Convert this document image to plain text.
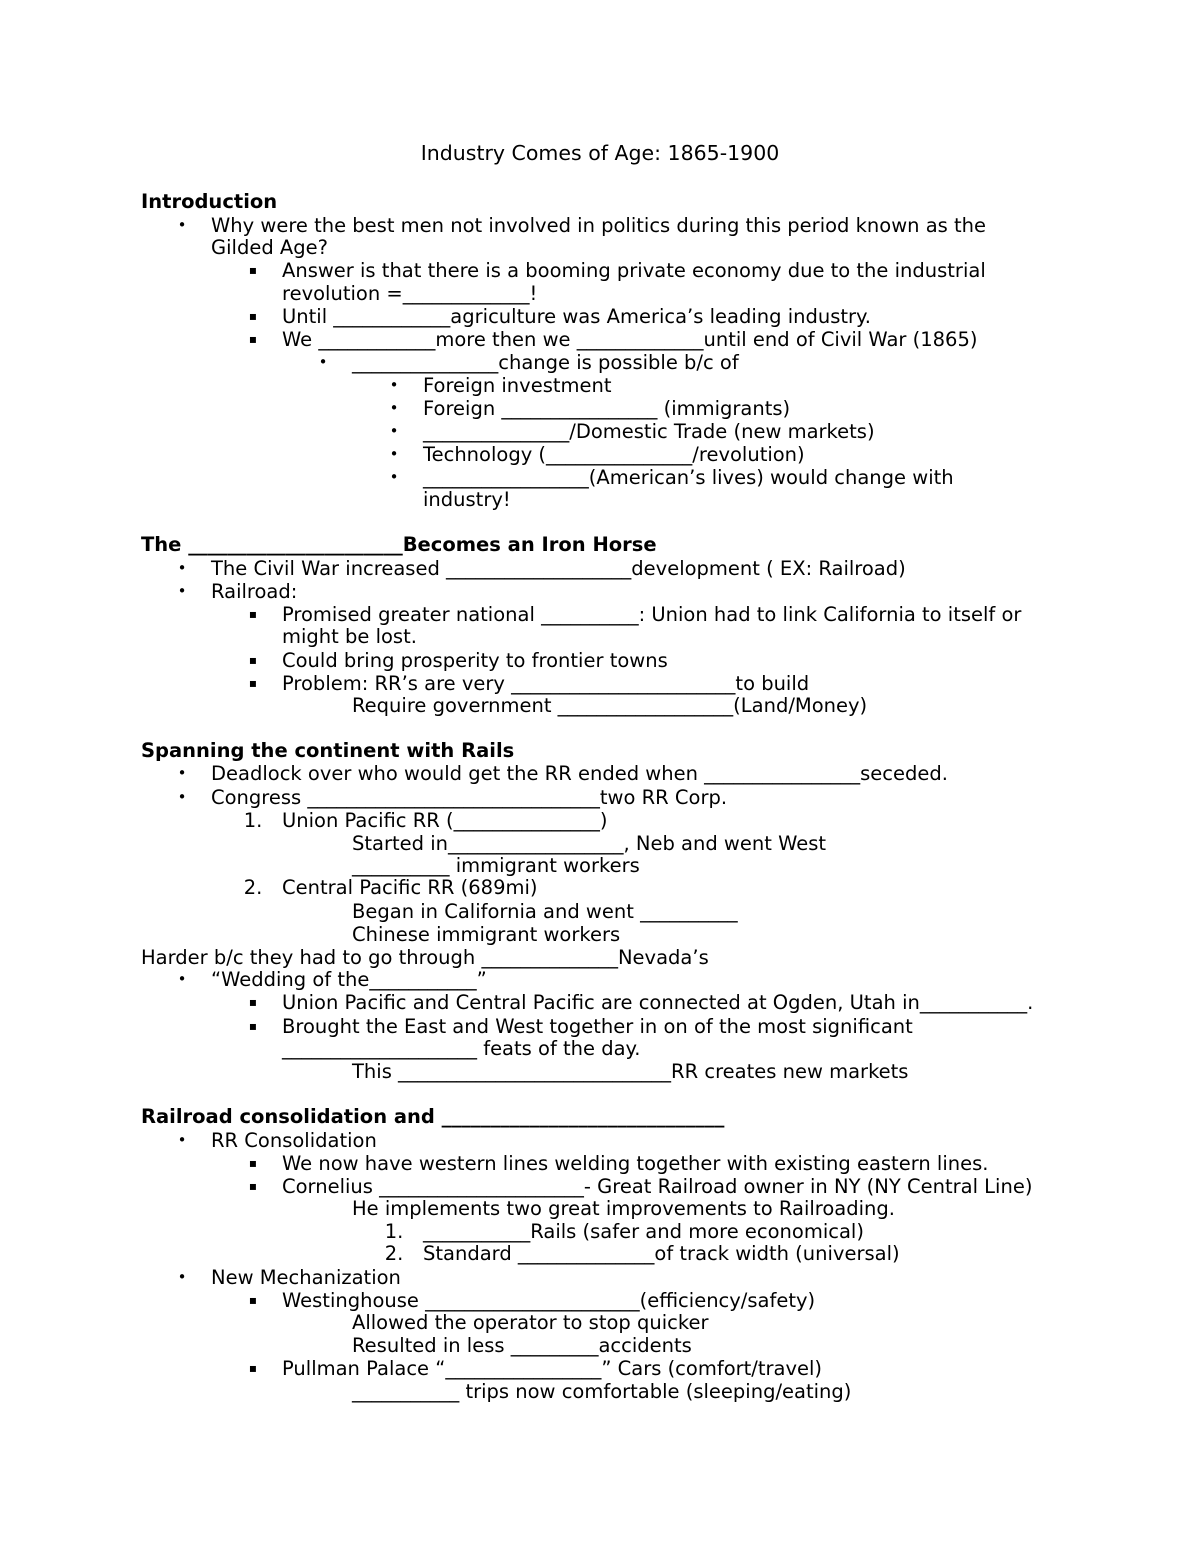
Industry Comes of Age: 1865-1900
Introduction
•	Why were the best men not involved in politics during this period known as the
Gilded Age?
▪	Answer is that there is a booming private economy due to the industrial
revolution =_____________!
▪	Until ____________agriculture was America’s leading industry.
▪	We ____________more then we _____________until end of Civil War (1865)
•	_______________change is possible b/c of
•	Foreign investment
•	Foreign ________________ (immigrants)
•	_______________/Domestic Trade (new markets)
•	Technology (_______________/revolution)
•	_________________(American’s lives) would change with
industry!
The ______________________Becomes an Iron Horse
•	The Civil War increased ___________________development ( EX: Railroad)
•	Railroad:
▪	Promised greater national __________: Union had to link California to itself or
might be lost.
▪	Could bring prosperity to frontier towns
▪	Problem: RR’s are very _______________________to build
Require government __________________(Land/Money)
Spanning the continent with Rails
•	Deadlock over who would get the RR ended when ________________seceded.
•	Congress ______________________________two RR Corp.
1. Union Pacific RR (_______________)
Started in__________________, Neb and went West
__________ immigrant workers
2. Central Pacific RR (689mi)
Began in California and went __________
Chinese immigrant workers
Harder b/c they had to go through ______________Nevada’s
•	“Wedding of the___________”
▪	Union Pacific and Central Pacific are connected at Ogden, Utah in___________.
▪	Brought the East and West together in on of the most significant
____________________ feats of the day.
This ____________________________RR creates new markets
Railroad consolidation and _____________________________
•	RR Consolidation
▪	We now have western lines welding together with existing eastern lines.
▪	Cornelius _____________________- Great Railroad owner in NY (NY Central Line)
He implements two great improvements to Railroading.
1. ___________Rails (safer and more economical)
2. Standard ______________of track width (universal)
•	New Mechanization
▪	Westinghouse ______________________(efficiency/safety)
Allowed the operator to stop quicker
Resulted in less _________accidents
▪	Pullman Palace “________________” Cars (comfort/travel)
___________ trips now comfortable (sleeping/eating)
